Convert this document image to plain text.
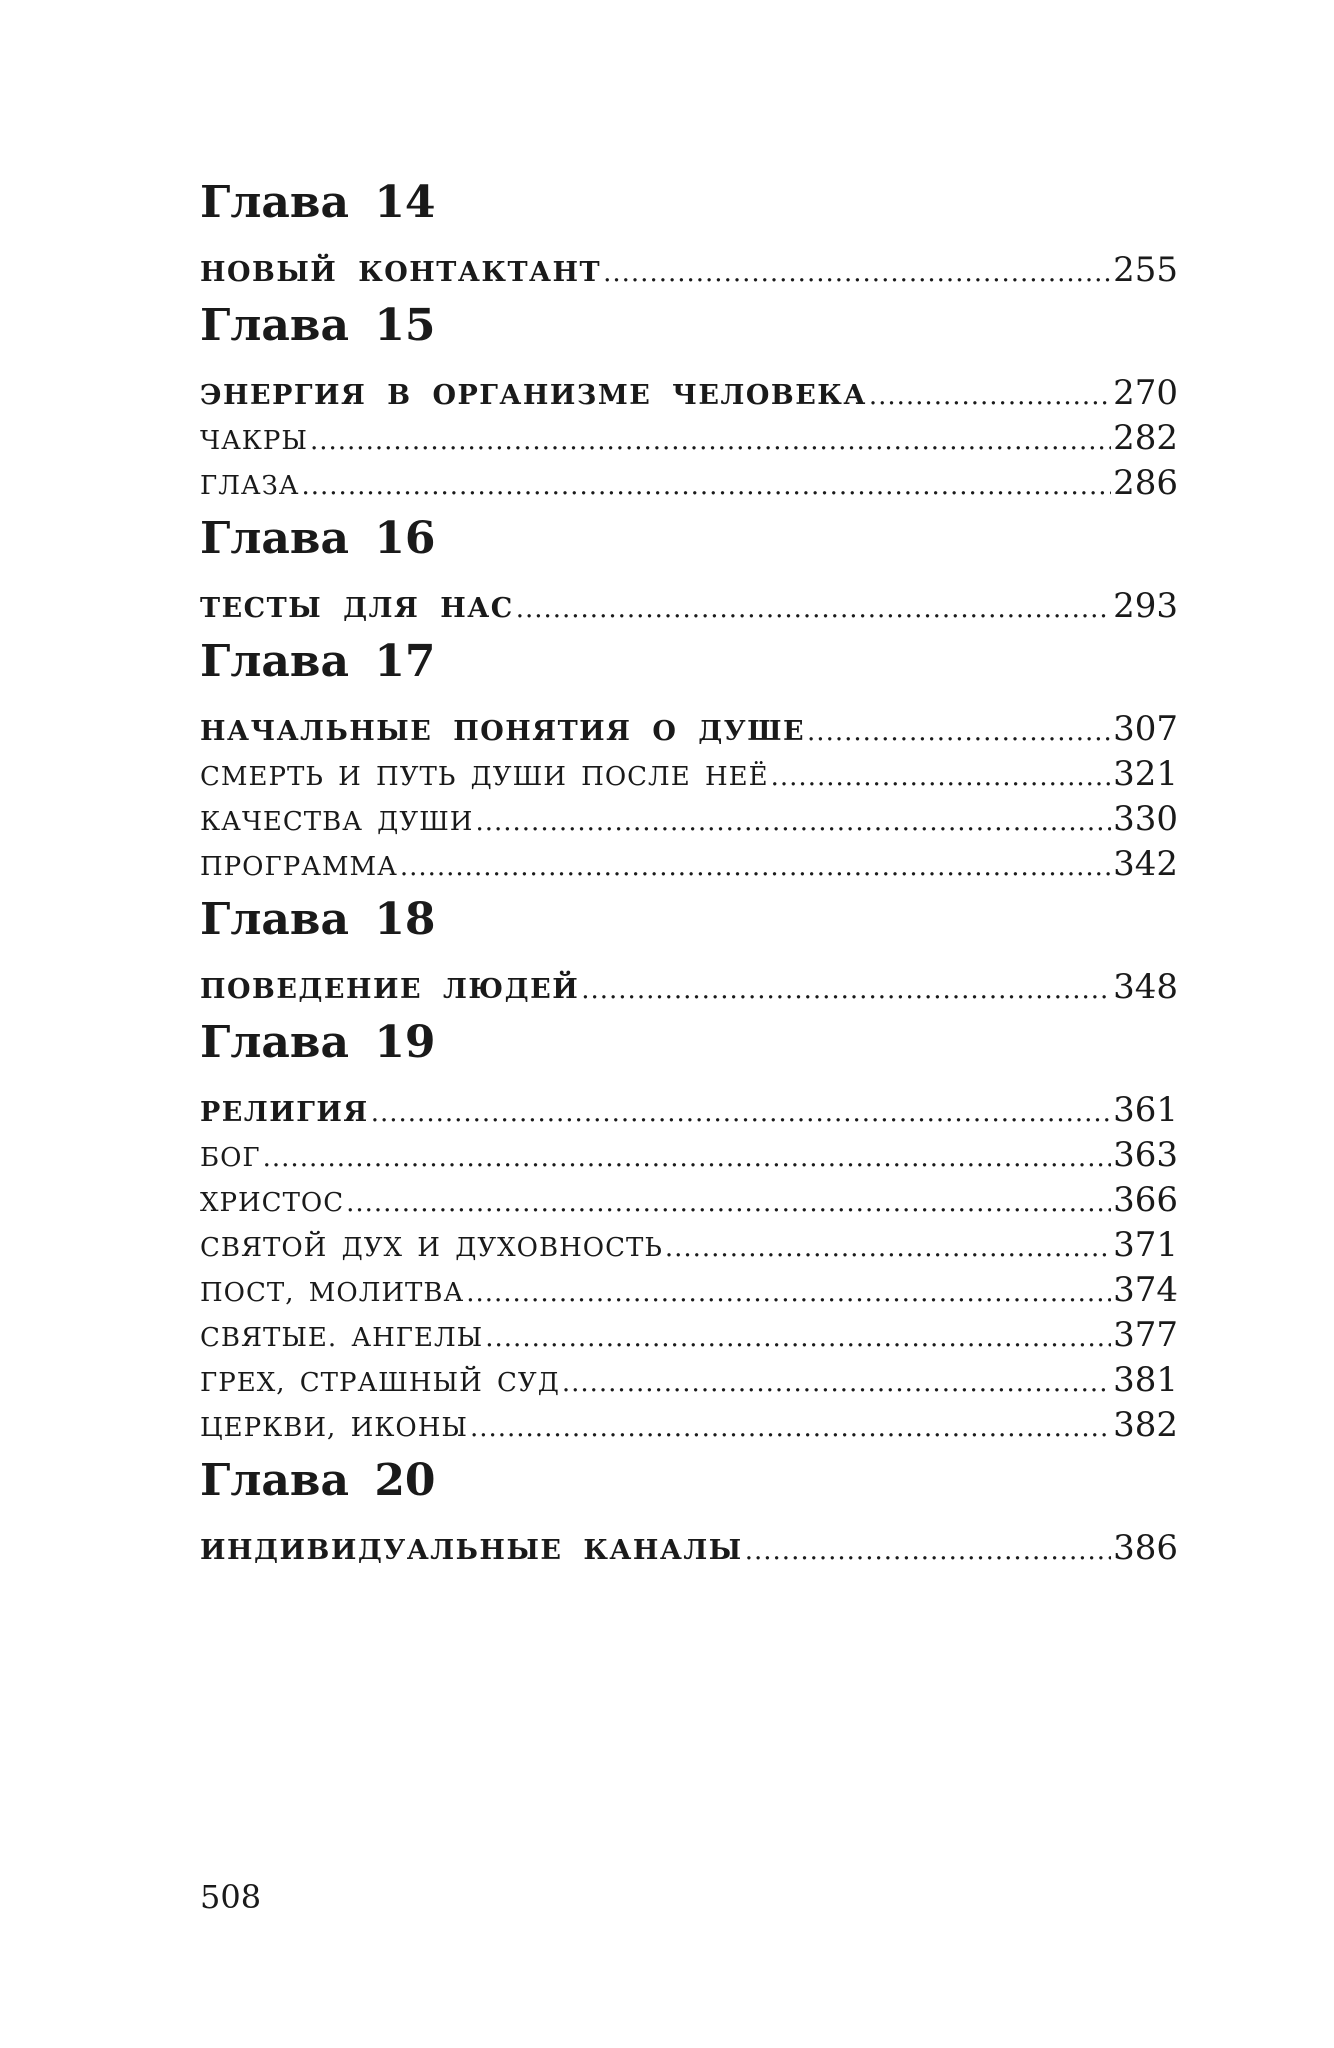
Глава 14
НОВЫЙ КОНТАКТАНТ .....	255
Глава 15
ЭНЕРГИЯ В ОРГАНИЗМЕ ЧЕЛОВЕКА .....	270
ЧАКРЫ .....	282
ГЛАЗА .....	286
Глава 16
ТЕСТЫ ДЛЯ НАС .....	293
Глава 17
НАЧАЛЬНЫЕ ПОНЯТИЯ О ДУШЕ .....	307
СМЕРТЬ И ПУТЬ ДУШИ ПОСЛЕ НЕЁ .....	321
КАЧЕСТВА ДУШИ .....	330
ПРОГРАММА .....	342
Глава 18
ПОВЕДЕНИЕ ЛЮДЕЙ .....	348
Глава 19
РЕЛИГИЯ .....	361
БОГ .....	363
ХРИСТОС .....	366
СВЯТОЙ ДУХ И ДУХОВНОСТЬ .....	371
ПОСТ, МОЛИТВА .....	374
СВЯТЫЕ. АНГЕЛЫ .....	377
ГРЕХ, СТРАШНЫЙ СУД .....	381
ЦЕРКВИ, ИКОНЫ .....	382
Глава 20
ИНДИВИДУАЛЬНЫЕ КАНАЛЫ .....	386
508
